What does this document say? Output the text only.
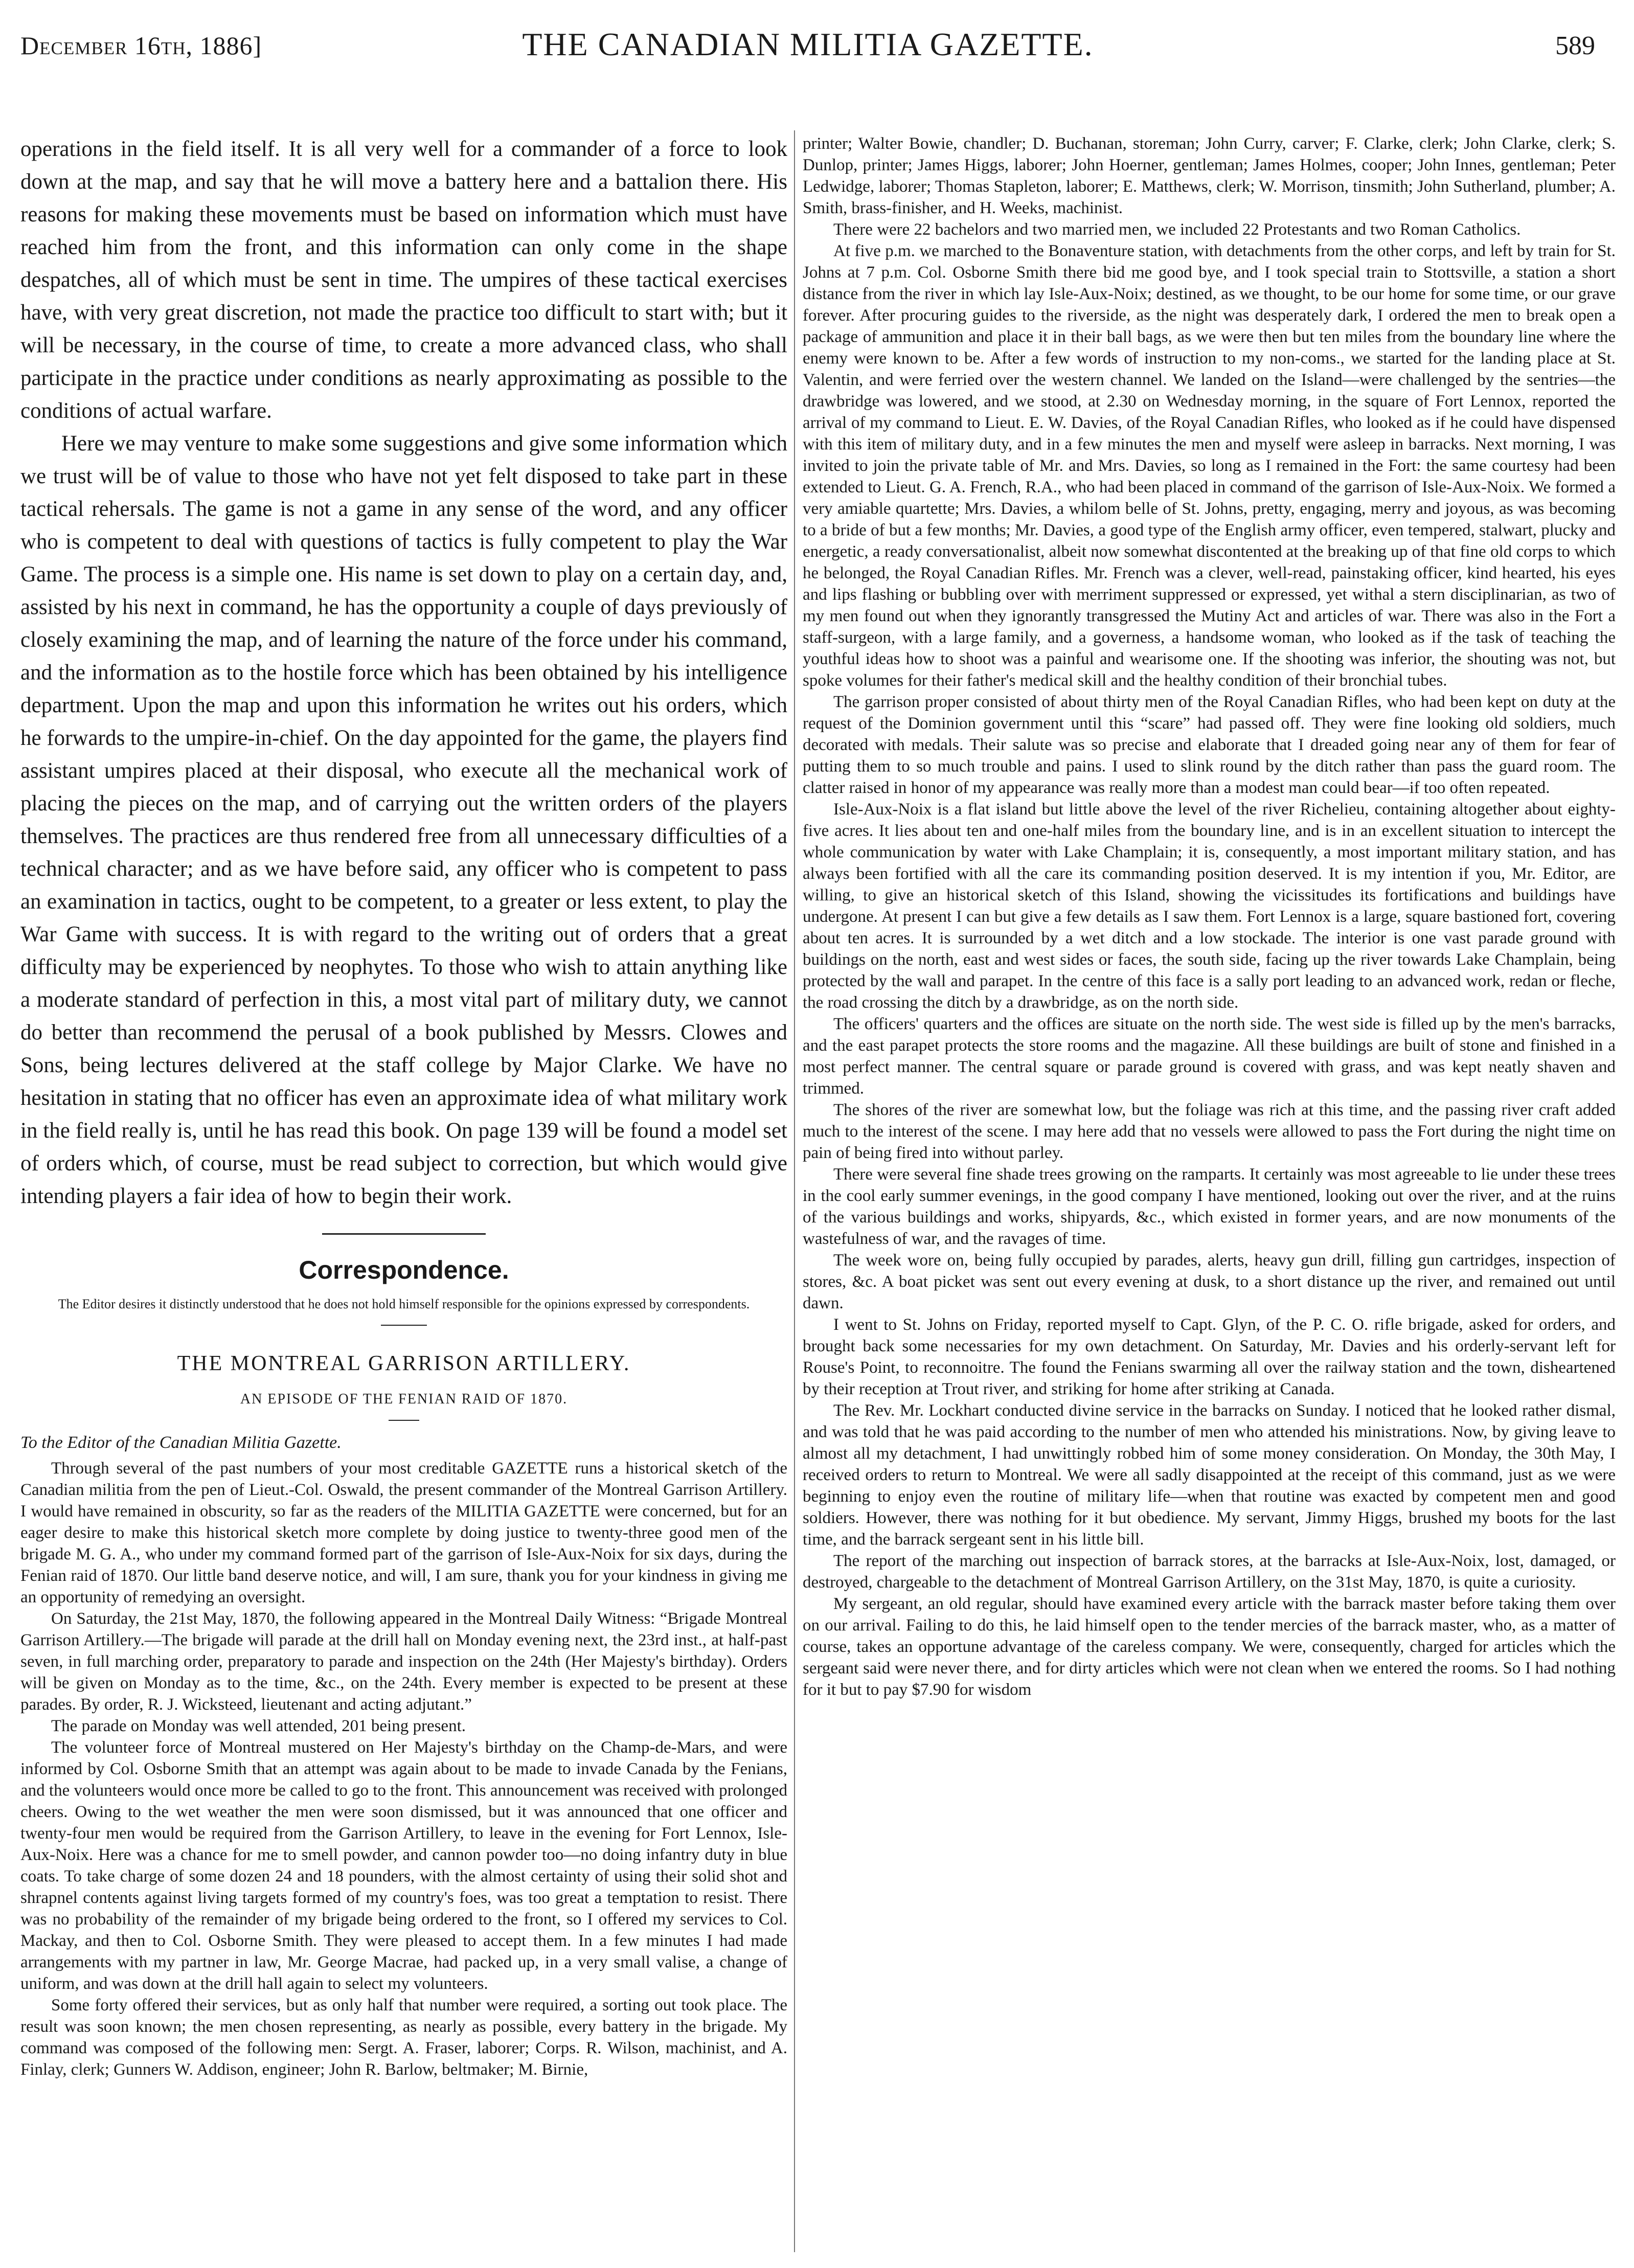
December 16th, 1886]	THE CANADIAN MILITIA GAZETTE.	589

operations in the field itself. It is all very well for a commander of a force to look down at the map, and say that he will move a battery here and a battalion there. His reasons for making these movements must be based on information which must have reached him from the front, and this information can only come in the shape despatches, all of which must be sent in time. The umpires of these tactical exercises have, with very great discretion, not made the practice too difficult to start with; but it will be necessary, in the course of time, to create a more advanced class, who shall participate in the practice under conditions as nearly approximating as possible to the conditions of actual warfare.

Here we may venture to make some suggestions and give some information which we trust will be of value to those who have not yet felt disposed to take part in these tactical rehersals. The game is not a game in any sense of the word, and any officer who is competent to deal with questions of tactics is fully competent to play the War Game. The process is a simple one. His name is set down to play on a certain day, and, assisted by his next in command, he has the opportunity a couple of days previously of closely examining the map, and of learning the nature of the force under his command, and the information as to the hostile force which has been obtained by his intelligence department. Upon the map and upon this information he writes out his orders, which he forwards to the umpire-in-chief. On the day appointed for the game, the players find assistant umpires placed at their disposal, who execute all the mechanical work of placing the pieces on the map, and of carrying out the written orders of the players themselves. The practices are thus rendered free from all unnecessary difficulties of a technical character; and as we have before said, any officer who is competent to pass an examination in tactics, ought to be competent, to a greater or less extent, to play the War Game with success. It is with regard to the writing out of orders that a great difficulty may be experienced by neophytes. To those who wish to attain anything like a moderate standard of perfection in this, a most vital part of military duty, we cannot do better than recommend the perusal of a book published by Messrs. Clowes and Sons, being lectures delivered at the staff college by Major Clarke. We have no hesitation in stating that no officer has even an approximate idea of what military work in the field really is, until he has read this book. On page 139 will be found a model set of orders which, of course, must be read subject to correction, but which would give intending players a fair idea of how to begin their work.

Correspondence.
The Editor desires it distinctly understood that he does not hold himself responsible for the opinions expressed by correspondents.
THE MONTREAL GARRISON ARTILLERY.
AN EPISODE OF THE FENIAN RAID OF 1870.
To the Editor of the Canadian Militia Gazette.

Through several of the past numbers of your most creditable GAZETTE runs a historical sketch of the Canadian militia from the pen of Lieut.-Col. Oswald, the present commander of the Montreal Garrison Artillery. I would have remained in obscurity, so far as the readers of the MILITIA GAZETTE were concerned, but for an eager desire to make this historical sketch more complete by doing justice to twenty-three good men of the brigade M. G. A., who under my command formed part of the garrison of Isle-Aux-Noix for six days, during the Fenian raid of 1870. Our little band deserve notice, and will, I am sure, thank you for your kindness in giving me an opportunity of remedying an oversight.

On Saturday, the 21st May, 1870, the following appeared in the Montreal Daily Witness: “Brigade Montreal Garrison Artillery.—The brigade will parade at the drill hall on Monday evening next, the 23rd inst., at half-past seven, in full marching order, preparatory to parade and inspection on the 24th (Her Majesty's birthday). Orders will be given on Monday as to the time, &c., on the 24th. Every member is expected to be present at these parades. By order, R. J. Wicksteed, lieutenant and acting adjutant.”

The parade on Monday was well attended, 201 being present.

The volunteer force of Montreal mustered on Her Majesty's birthday on the Champ-de-Mars, and were informed by Col. Osborne Smith that an attempt was again about to be made to invade Canada by the Fenians, and the volunteers would once more be called to go to the front. This announcement was received with prolonged cheers. Owing to the wet weather the men were soon dismissed, but it was announced that one officer and twenty-four men would be required from the Garrison Artillery, to leave in the evening for Fort Lennox, Isle-Aux-Noix. Here was a chance for me to smell powder, and cannon powder too—no doing infantry duty in blue coats. To take charge of some dozen 24 and 18 pounders, with the almost certainty of using their solid shot and shrapnel contents against living targets formed of my country's foes, was too great a temptation to resist. There was no probability of the remainder of my brigade being ordered to the front, so I offered my services to Col. Mackay, and then to Col. Osborne Smith. They were pleased to accept them. In a few minutes I had made arrangements with my partner in law, Mr. George Macrae, had packed up, in a very small valise, a change of uniform, and was down at the drill hall again to select my volunteers.

Some forty offered their services, but as only half that number were required, a sorting out took place. The result was soon known; the men chosen representing, as nearly as possible, every battery in the brigade. My command was composed of the following men: Sergt. A. Fraser, laborer; Corps. R. Wilson, machinist, and A. Finlay, clerk; Gunners W. Addison, engineer; John R. Barlow, beltmaker; M. Birnie,

printer; Walter Bowie, chandler; D. Buchanan, storeman; John Curry, carver; F. Clarke, clerk; John Clarke, clerk; S. Dunlop, printer; James Higgs, laborer; John Hoerner, gentleman; James Holmes, cooper; John Innes, gentleman; Peter Ledwidge, laborer; Thomas Stapleton, laborer; E. Matthews, clerk; W. Morrison, tinsmith; John Sutherland, plumber; A. Smith, brass-finisher, and H. Weeks, machinist.

There were 22 bachelors and two married men, we included 22 Protestants and two Roman Catholics.

At five p.m. we marched to the Bonaventure station, with detachments from the other corps, and left by train for St. Johns at 7 p.m. Col. Osborne Smith there bid me good bye, and I took special train to Stottsville, a station a short distance from the river in which lay Isle-Aux-Noix; destined, as we thought, to be our home for some time, or our grave forever. After procuring guides to the riverside, as the night was desperately dark, I ordered the men to break open a package of ammunition and place it in their ball bags, as we were then but ten miles from the boundary line where the enemy were known to be. After a few words of instruction to my non-coms., we started for the landing place at St. Valentin, and were ferried over the western channel. We landed on the Island—were challenged by the sentries—the drawbridge was lowered, and we stood, at 2.30 on Wednesday morning, in the square of Fort Lennox, reported the arrival of my command to Lieut. E. W. Davies, of the Royal Canadian Rifles, who looked as if he could have dispensed with this item of military duty, and in a few minutes the men and myself were asleep in barracks. Next morning, I was invited to join the private table of Mr. and Mrs. Davies, so long as I remained in the Fort: the same courtesy had been extended to Lieut. G. A. French, R.A., who had been placed in command of the garrison of Isle-Aux-Noix. We formed a very amiable quartette; Mrs. Davies, a whilom belle of St. Johns, pretty, engaging, merry and joyous, as was becoming to a bride of but a few months; Mr. Davies, a good type of the English army officer, even tempered, stalwart, plucky and energetic, a ready conversationalist, albeit now somewhat discontented at the breaking up of that fine old corps to which he belonged, the Royal Canadian Rifles. Mr. French was a clever, well-read, painstaking officer, kind hearted, his eyes and lips flashing or bubbling over with merriment suppressed or expressed, yet withal a stern disciplinarian, as two of my men found out when they ignorantly transgressed the Mutiny Act and articles of war. There was also in the Fort a staff-surgeon, with a large family, and a governess, a handsome woman, who looked as if the task of teaching the youthful ideas how to shoot was a painful and wearisome one. If the shooting was inferior, the shouting was not, but spoke volumes for their father's medical skill and the healthy condition of their bronchial tubes.

The garrison proper consisted of about thirty men of the Royal Canadian Rifles, who had been kept on duty at the request of the Dominion government until this “scare” had passed off. They were fine looking old soldiers, much decorated with medals. Their salute was so precise and elaborate that I dreaded going near any of them for fear of putting them to so much trouble and pains. I used to slink round by the ditch rather than pass the guard room. The clatter raised in honor of my appearance was really more than a modest man could bear—if too often repeated.

Isle-Aux-Noix is a flat island but little above the level of the river Richelieu, containing altogether about eighty-five acres. It lies about ten and one-half miles from the boundary line, and is in an excellent situation to intercept the whole communication by water with Lake Champlain; it is, consequently, a most important military station, and has always been fortified with all the care its commanding position deserved. It is my intention if you, Mr. Editor, are willing, to give an historical sketch of this Island, showing the vicissitudes its fortifications and buildings have undergone. At present I can but give a few details as I saw them. Fort Lennox is a large, square bastioned fort, covering about ten acres. It is surrounded by a wet ditch and a low stockade. The interior is one vast parade ground with buildings on the north, east and west sides or faces, the south side, facing up the river towards Lake Champlain, being protected by the wall and parapet. In the centre of this face is a sally port leading to an advanced work, redan or fleche, the road crossing the ditch by a drawbridge, as on the north side.

The officers' quarters and the offices are situate on the north side. The west side is filled up by the men's barracks, and the east parapet protects the store rooms and the magazine. All these buildings are built of stone and finished in a most perfect manner. The central square or parade ground is covered with grass, and was kept neatly shaven and trimmed.

The shores of the river are somewhat low, but the foliage was rich at this time, and the passing river craft added much to the interest of the scene. I may here add that no vessels were allowed to pass the Fort during the night time on pain of being fired into without parley.

There were several fine shade trees growing on the ramparts. It certainly was most agreeable to lie under these trees in the cool early summer evenings, in the good company I have mentioned, looking out over the river, and at the ruins of the various buildings and works, shipyards, &c., which existed in former years, and are now monuments of the wastefulness of war, and the ravages of time.

The week wore on, being fully occupied by parades, alerts, heavy gun drill, filling gun cartridges, inspection of stores, &c. A boat picket was sent out every evening at dusk, to a short distance up the river, and remained out until dawn.

I went to St. Johns on Friday, reported myself to Capt. Glyn, of the P. C. O. rifle brigade, asked for orders, and brought back some necessaries for my own detachment. On Saturday, Mr. Davies and his orderly-servant left for Rouse's Point, to reconnoitre. The found the Fenians swarming all over the railway station and the town, disheartened by their reception at Trout river, and striking for home after striking at Canada.

The Rev. Mr. Lockhart conducted divine service in the barracks on Sunday. I noticed that he looked rather dismal, and was told that he was paid according to the number of men who attended his ministrations. Now, by giving leave to almost all my detachment, I had unwittingly robbed him of some money consideration. On Monday, the 30th May, I received orders to return to Montreal. We were all sadly disappointed at the receipt of this command, just as we were beginning to enjoy even the routine of military life—when that routine was exacted by competent men and good soldiers. However, there was nothing for it but obedience. My servant, Jimmy Higgs, brushed my boots for the last time, and the barrack sergeant sent in his little bill.

The report of the marching out inspection of barrack stores, at the barracks at Isle-Aux-Noix, lost, damaged, or destroyed, chargeable to the detachment of Montreal Garrison Artillery, on the 31st May, 1870, is quite a curiosity.

My sergeant, an old regular, should have examined every article with the barrack master before taking them over on our arrival. Failing to do this, he laid himself open to the tender mercies of the barrack master, who, as a matter of course, takes an opportune advantage of the careless company. We were, consequently, charged for articles which the sergeant said were never there, and for dirty articles which were not clean when we entered the rooms. So I had nothing for it but to pay $7.90 for wisdom
